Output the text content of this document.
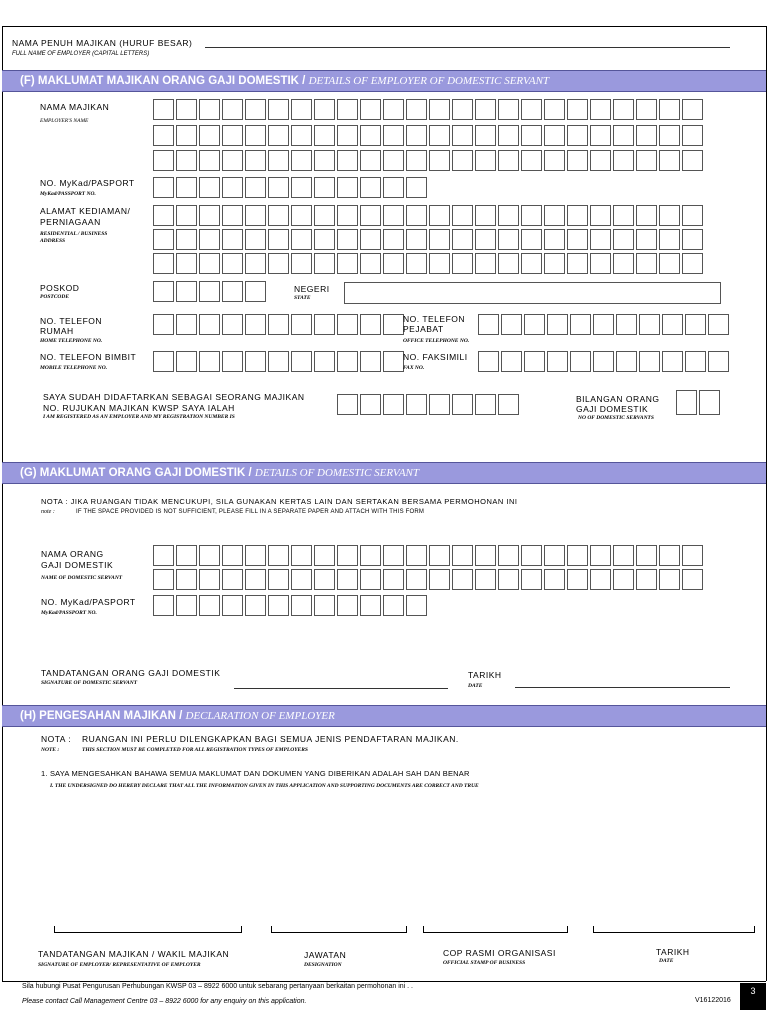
NAMA PENUH MAJIKAN (HURUF BESAR)
FULL NAME OF EMPLOYER (CAPITAL LETTERS)
(F) MAKLUMAT MAJIKAN ORANG GAJI DOMESTIK / DETAILS OF EMPLOYER OF DOMESTIC SERVANT
NAMA MAJIKAN
EMPLOYER'S NAME
NO. MyKad/PASPORT
MyKad/PASSPORT NO.
ALAMAT KEDIAMAN/
PERNIAGAAN
RESIDENTIAL / BUSINESS
ADDRESS
POSKOD
POSTCODE
NEGERI
STATE
NO. TELEFON
RUMAH
HOME TELEPHONE NO.
NO. TELEFON
PEJABAT
OFFICE TELEPHONE NO.
NO. TELEFON BIMBIT
MOBILE TELEPHONE NO.
NO. FAKSIMILI
FAX NO.
SAYA SUDAH DIDAFTARKAN SEBAGAI SEORANG MAJIKAN
NO. RUJUKAN MAJIKAN KWSP SAYA IALAH
I AM REGISTERED AS AN EMPLOYER AND MY REGISTRATION NUMBER IS
BILANGAN ORANG
GAJI DOMESTIK
NO OF DOMESTIC SERVANTS
(G) MAKLUMAT ORANG GAJI DOMESTIK / DETAILS OF DOMESTIC SERVANT
NOTA : JIKA RUANGAN TIDAK MENCUKUPI, SILA GUNAKAN KERTAS LAIN DAN SERTAKAN BERSAMA PERMOHONAN INI
note :	IF THE SPACE PROVIDED IS NOT SUFFICIENT, PLEASE FILL IN A SEPARATE PAPER AND ATTACH WITH THIS FORM
NAMA ORANG
GAJI DOMESTIK
NAME OF DOMESTIC SERVANT
NO. MyKad/PASPORT
MyKad/PASSPORT NO.
TANDATANGAN ORANG GAJI DOMESTIK
SIGNATURE OF DOMESTIC SERVANT
TARIKH
DATE
(H) PENGESAHAN MAJIKAN / DECLARATION OF EMPLOYER
NOTA : RUANGAN INI PERLU DILENGKAPKAN BAGI SEMUA JENIS PENDAFTARAN MAJIKAN.
NOTE :	THIS SECTION MUST BE COMPLETED FOR ALL REGISTRATION TYPES OF EMPLOYERS
1. SAYA MENGESAHKAN BAHAWA SEMUA MAKLUMAT DAN DOKUMEN YANG DIBERIKAN ADALAH SAH DAN BENAR
I. THE UNDERSIGNED DO HEREBY DECLARE THAT ALL THE INFORMATION GIVEN IN THIS APPLICATION AND SUPPORTING DOCUMENTS ARE CORRECT AND TRUE
TANDATANGAN MAJIKAN / WAKIL MAJIKAN
SIGNATURE OF EMPLOYER/ REPRESENTATIVE OF EMPLOYER
JAWATAN
DESIGNATION
COP RASMI ORGANISASI
OFFICIAL STAMP OF BUSINESS
TARIKH
DATE
Sila hubungi Pusat Pengurusan Perhubungan KWSP 03 – 8922 6000 untuk sebarang pertanyaan berkaitan permohonan ini . .
Please contact Call Management Centre 03 – 8922 6000 for any enquiry on this application.	V16122016
3
